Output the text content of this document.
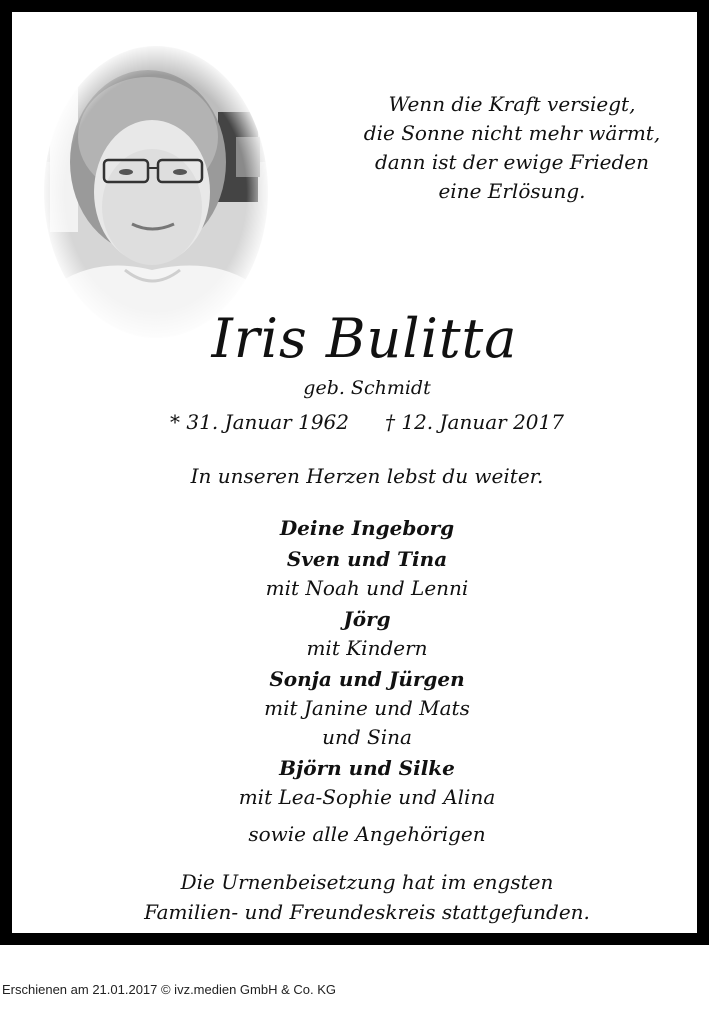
Wenn die Kraft versiegt,
die Sonne nicht mehr wärmt,
dann ist der ewige Frieden
eine Erlösung.
Iris Bulitta
geb. Schmidt
* 31. Januar 1962 † 12. Januar 2017
In unseren Herzen lebst du weiter.
Deine Ingeborg
Sven und Tina
mit Noah und Lenni
Jörg
mit Kindern
Sonja und Jürgen
mit Janine und Mats
und Sina
Björn und Silke
mit Lea-Sophie und Alina
sowie alle Angehörigen
Die Urnenbeisetzung hat im engsten
Familien- und Freundeskreis stattgefunden.
Erschienen am 21.01.2017 © ivz.medien GmbH & Co. KG
